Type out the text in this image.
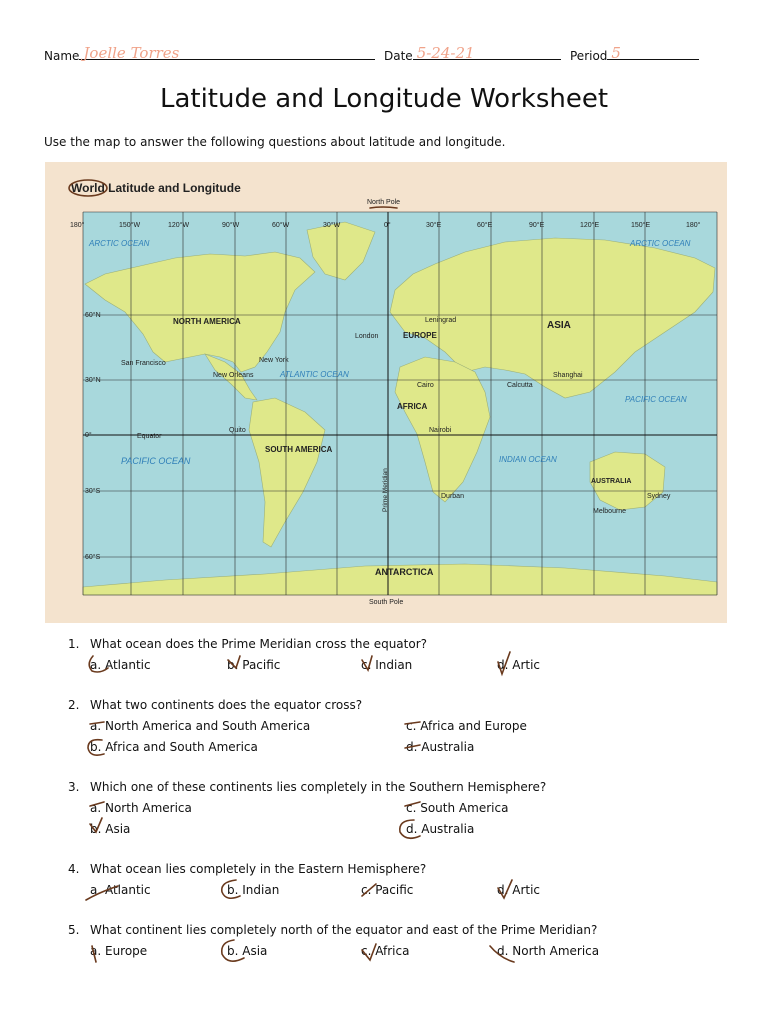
Name Joelle Torres	Date 5-24-21	Period 5
Latitude and Longitude Worksheet
Use the map to answer the following questions about latitude and longitude.
World Latitude and Longitude
North Pole
South Pole
Prime Meridian
180°	150°W	120°W	90°W	60°W	30°W	0°	30°E	60°E	90°E	120°E	150°E	180°
60°N
30°N
0°
30°S
60°S
Equator
ARCTIC OCEAN	ARCTIC OCEAN
ATLANTIC OCEAN
PACIFIC OCEAN
PACIFIC OCEAN
INDIAN OCEAN
NORTH AMERICA
SOUTH AMERICA
EUROPE
ASIA
AFRICA
AUSTRALIA
ANTARCTICA
San Francisco	New York
New Orleans
Quito
London
Leningrad
Cairo
Nairobi
Durban
Calcutta
Shanghai
Sydney
Melbourne
1. What ocean does the Prime Meridian cross the equator?
a. Atlantic	b. Pacific	c. Indian	d. Artic
2. What two continents does the equator cross?
a. North America and South America	c. Africa and Europe
b. Africa and South America	d. Australia
3. Which one of these continents lies completely in the Southern Hemisphere?
a. North America	c. South America
b. Asia	d. Australia
4. What ocean lies completely in the Eastern Hemisphere?
a. Atlantic	b. Indian	c. Pacific	d. Artic
5. What continent lies completely north of the equator and east of the Prime Meridian?
a. Europe	b. Asia	c. Africa	d. North America
